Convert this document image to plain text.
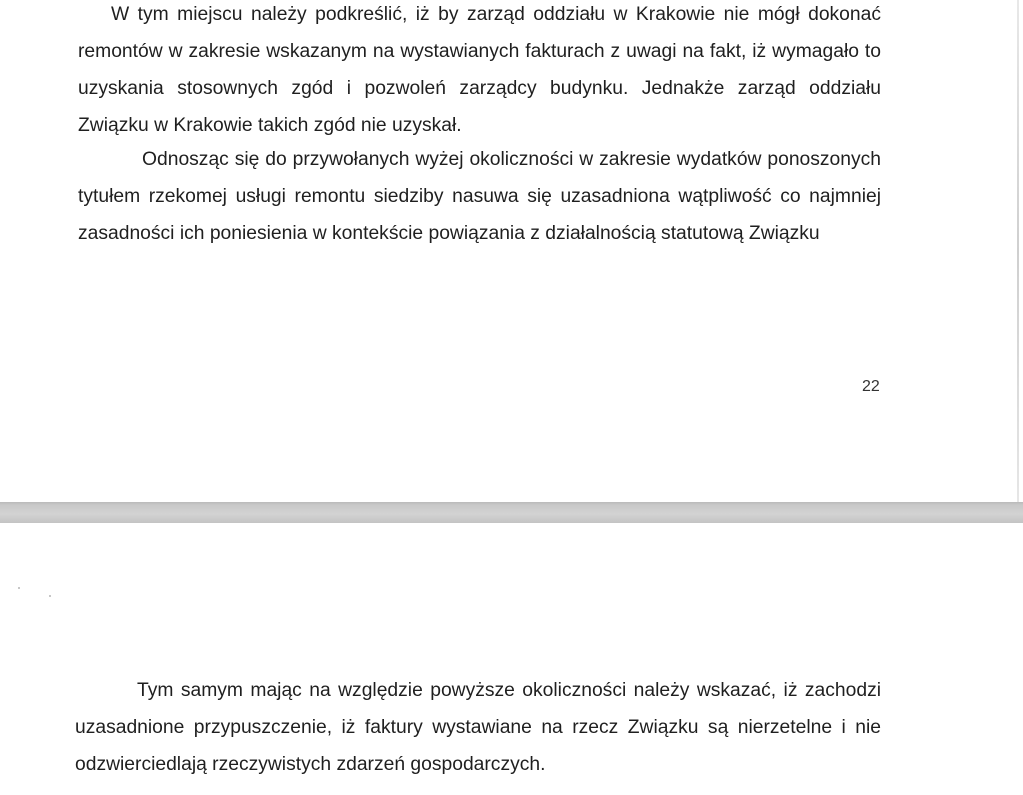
W tym miejscu należy podkreślić, iż by zarząd oddziału w Krakowie nie mógł dokonać remontów w zakresie wskazanym na wystawianych fakturach z uwagi na fakt, iż wymagało to uzyskania stosownych zgód i pozwoleń zarządcy budynku. Jednakże zarząd oddziału Związku w Krakowie takich zgód nie uzyskał.

Odnosząc się do przywołanych wyżej okoliczności w zakresie wydatków ponoszonych tytułem rzekomej usługi remontu siedziby nasuwa się uzasadniona wątpliwość co najmniej zasadności ich poniesienia w kontekście powiązania z działalnością statutową Związku

22

Tym samym mając na względzie powyższe okoliczności należy wskazać, iż zachodzi uzasadnione przypuszczenie, iż faktury wystawiane na rzecz Związku są nierzetelne i nie odzwierciedlają rzeczywistych zdarzeń gospodarczych.
